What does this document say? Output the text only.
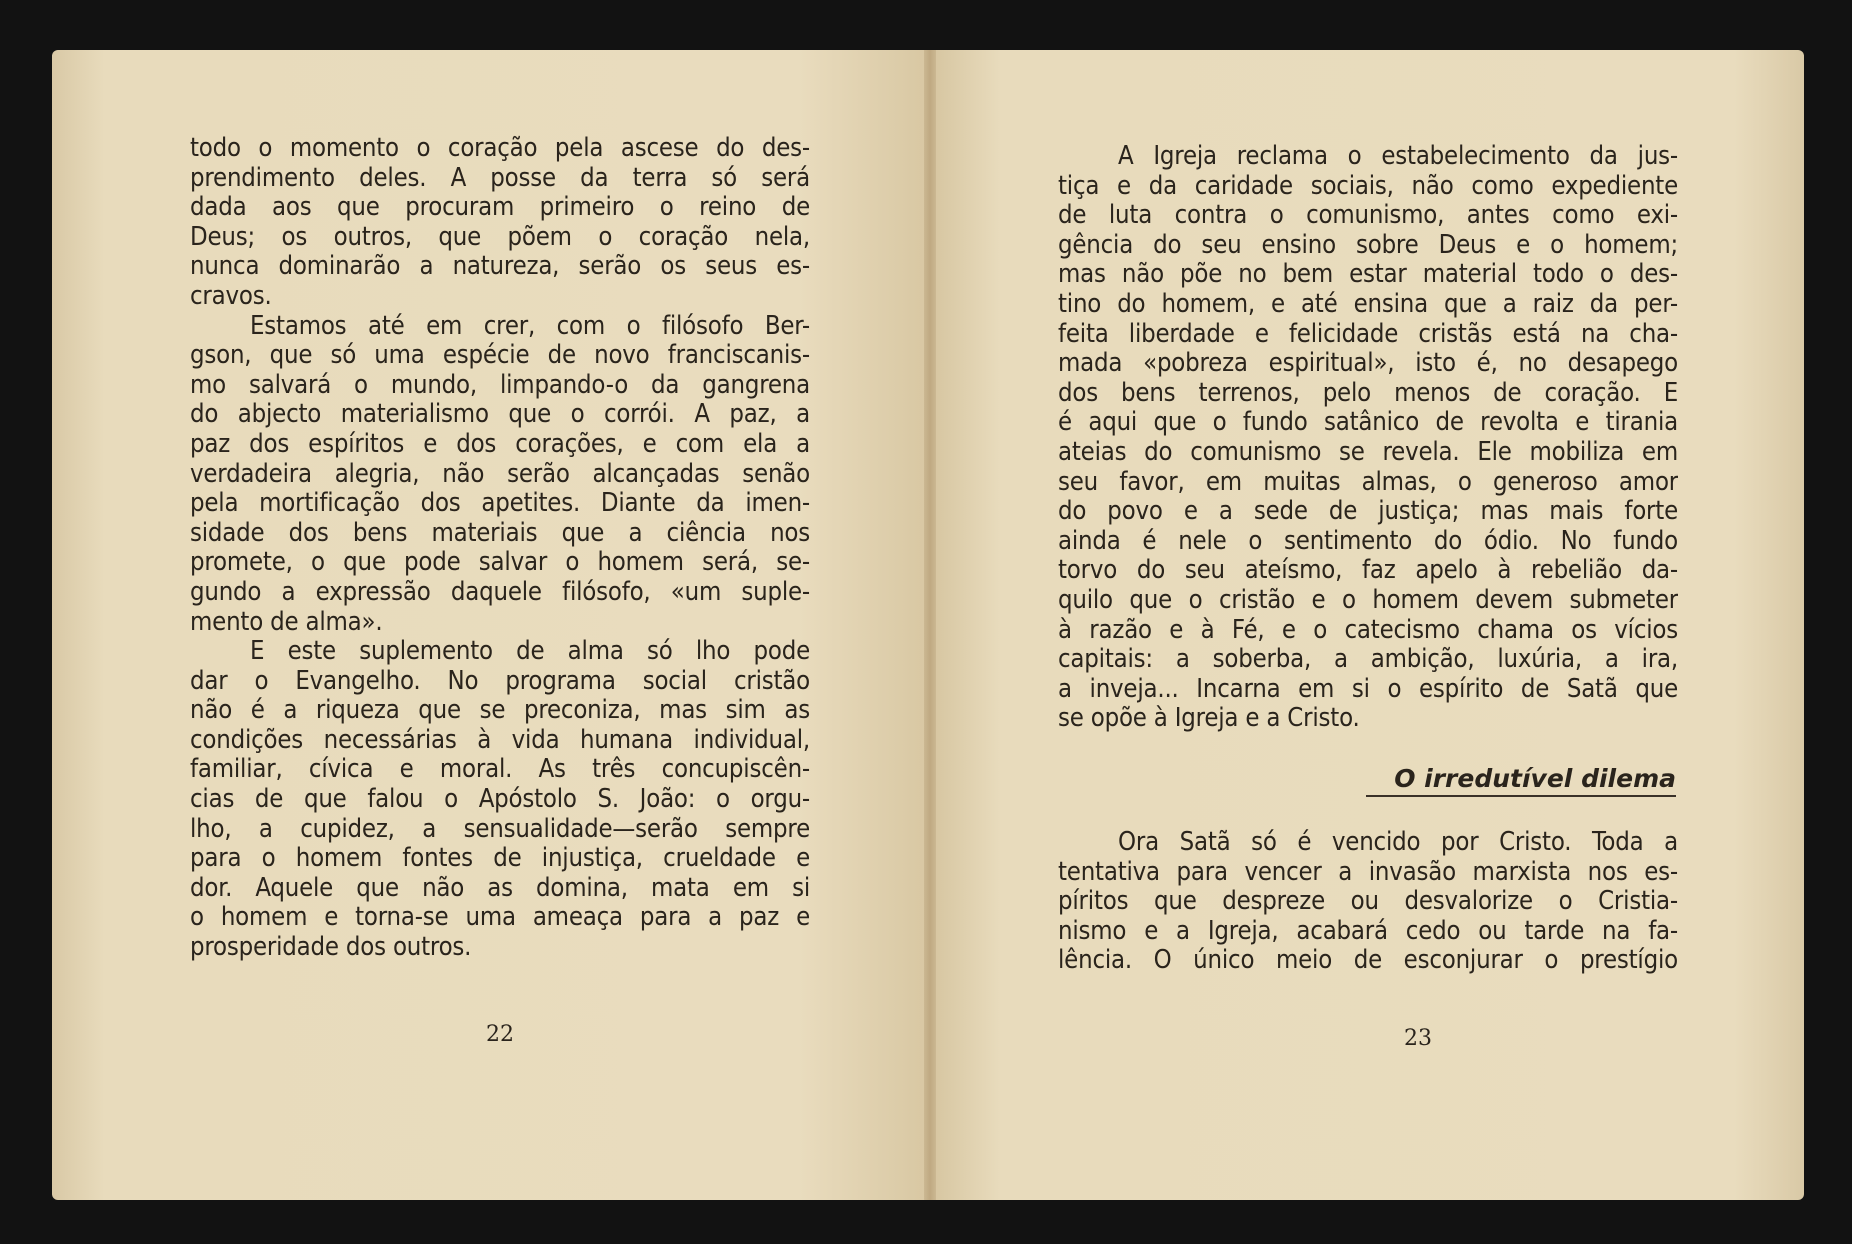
todo o momento o coração pela ascese do des-
prendimento deles. A posse da terra só será
dada aos que procuram primeiro o reino de
Deus; os outros, que põem o coração nela,
nunca dominarão a natureza, serão os seus es-
cravos.
Estamos até em crer, com o filósofo Ber-
gson, que só uma espécie de novo franciscanis-
mo salvará o mundo, limpando-o da gangrena
do abjecto materialismo que o corrói. A paz, a
paz dos espíritos e dos corações, e com ela a
verdadeira alegria, não serão alcançadas senão
pela mortificação dos apetites. Diante da imen-
sidade dos bens materiais que a ciência nos
promete, o que pode salvar o homem será, se-
gundo a expressão daquele filósofo, «um suple-
mento de alma».
E este suplemento de alma só lho pode
dar o Evangelho. No programa social cristão
não é a riqueza que se preconiza, mas sim as
condições necessárias à vida humana individual,
familiar, cívica e moral. As três concupiscên-
cias de que falou o Apóstolo S. João: o orgu-
lho, a cupidez, a sensualidade—serão sempre
para o homem fontes de injustiça, crueldade e
dor. Aquele que não as domina, mata em si
o homem e torna-se uma ameaça para a paz e
prosperidade dos outros.
22
A Igreja reclama o estabelecimento da jus-
tiça e da caridade sociais, não como expediente
de luta contra o comunismo, antes como exi-
gência do seu ensino sobre Deus e o homem;
mas não põe no bem estar material todo o des-
tino do homem, e até ensina que a raiz da per-
feita liberdade e felicidade cristãs está na cha-
mada «pobreza espiritual», isto é, no desapego
dos bens terrenos, pelo menos de coração. E
é aqui que o fundo satânico de revolta e tirania
ateias do comunismo se revela. Ele mobiliza em
seu favor, em muitas almas, o generoso amor
do povo e a sede de justiça; mas mais forte
ainda é nele o sentimento do ódio. No fundo
torvo do seu ateísmo, faz apelo à rebelião da-
quilo que o cristão e o homem devem submeter
à razão e à Fé, e o catecismo chama os vícios
capitais: a soberba, a ambição, luxúria, a ira,
a inveja... Incarna em si o espírito de Satã que
se opõe à Igreja e a Cristo.
O irredutível dilema
Ora Satã só é vencido por Cristo. Toda a
tentativa para vencer a invasão marxista nos es-
píritos que despreze ou desvalorize o Cristia-
nismo e a Igreja, acabará cedo ou tarde na fa-
lência. O único meio de esconjurar o prestígio
23
